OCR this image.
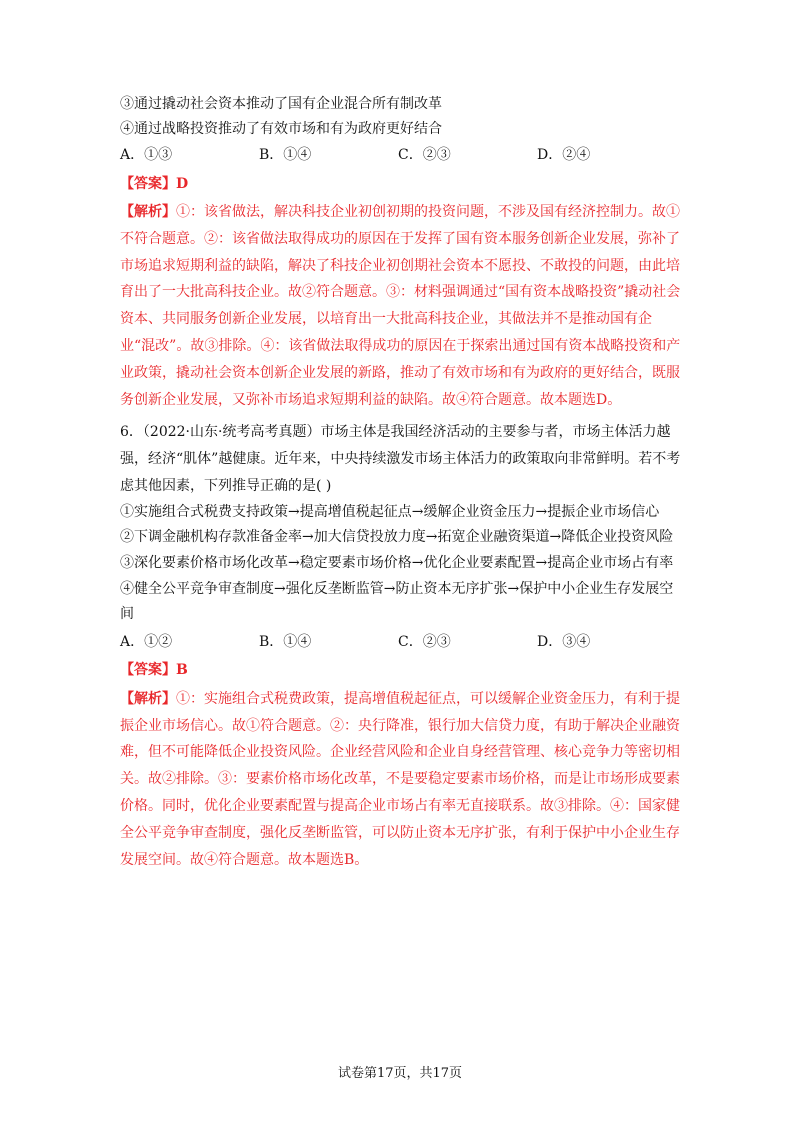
③通过撬动社会资本推动了国有企业混合所有制改革
④通过战略投资推动了有效市场和有为政府更好结合
A．①③	B．①④	C．②③	D．②④
【答案】D
【解析】①：该省做法，解决科技企业初创初期的投资问题，不涉及国有经济控制力。故①不符合题意。②：该省做法取得成功的原因在于发挥了国有资本服务创新企业发展，弥补了市场追求短期利益的缺陷，解决了科技企业初创期社会资本不愿投、不敢投的问题，由此培育出了一大批高科技企业。故②符合题意。③：材料强调通过“国有资本战略投资”撬动社会资本、共同服务创新企业发展，以培育出一大批高科技企业，其做法并不是推动国有企业“混改”。故③排除。④：该省做法取得成功的原因在于探索出通过国有资本战略投资和产业政策，撬动社会资本创新企业发展的新路，推动了有效市场和有为政府的更好结合，既服务创新企业发展，又弥补市场追求短期利益的缺陷。故④符合题意。故本题选D。
6．（2022·山东·统考高考真题）市场主体是我国经济活动的主要参与者，市场主体活力越强，经济“肌体”越健康。近年来，中央持续激发市场主体活力的政策取向非常鲜明。若不考虑其他因素，下列推导正确的是( )
①实施组合式税费支持政策→提高增值税起征点→缓解企业资金压力→提振企业市场信心
②下调金融机构存款准备金率→加大信贷投放力度→拓宽企业融资渠道→降低企业投资风险
③深化要素价格市场化改革→稳定要素市场价格→优化企业要素配置→提高企业市场占有率
④健全公平竞争审查制度→强化反垄断监管→防止资本无序扩张→保护中小企业生存发展空间
A．①②	B．①④	C．②③	D．③④
【答案】B
【解析】①：实施组合式税费政策，提高增值税起征点，可以缓解企业资金压力，有利于提振企业市场信心。故①符合题意。②：央行降准，银行加大信贷力度，有助于解决企业融资难，但不可能降低企业投资风险。企业经营风险和企业自身经营管理、核心竞争力等密切相关。故②排除。③：要素价格市场化改革，不是要稳定要素市场价格，而是让市场形成要素价格。同时，优化企业要素配置与提高企业市场占有率无直接联系。故③排除。④：国家健全公平竞争审查制度，强化反垄断监管，可以防止资本无序扩张，有利于保护中小企业生存发展空间。故④符合题意。故本题选B。
试卷第17页，共17页
